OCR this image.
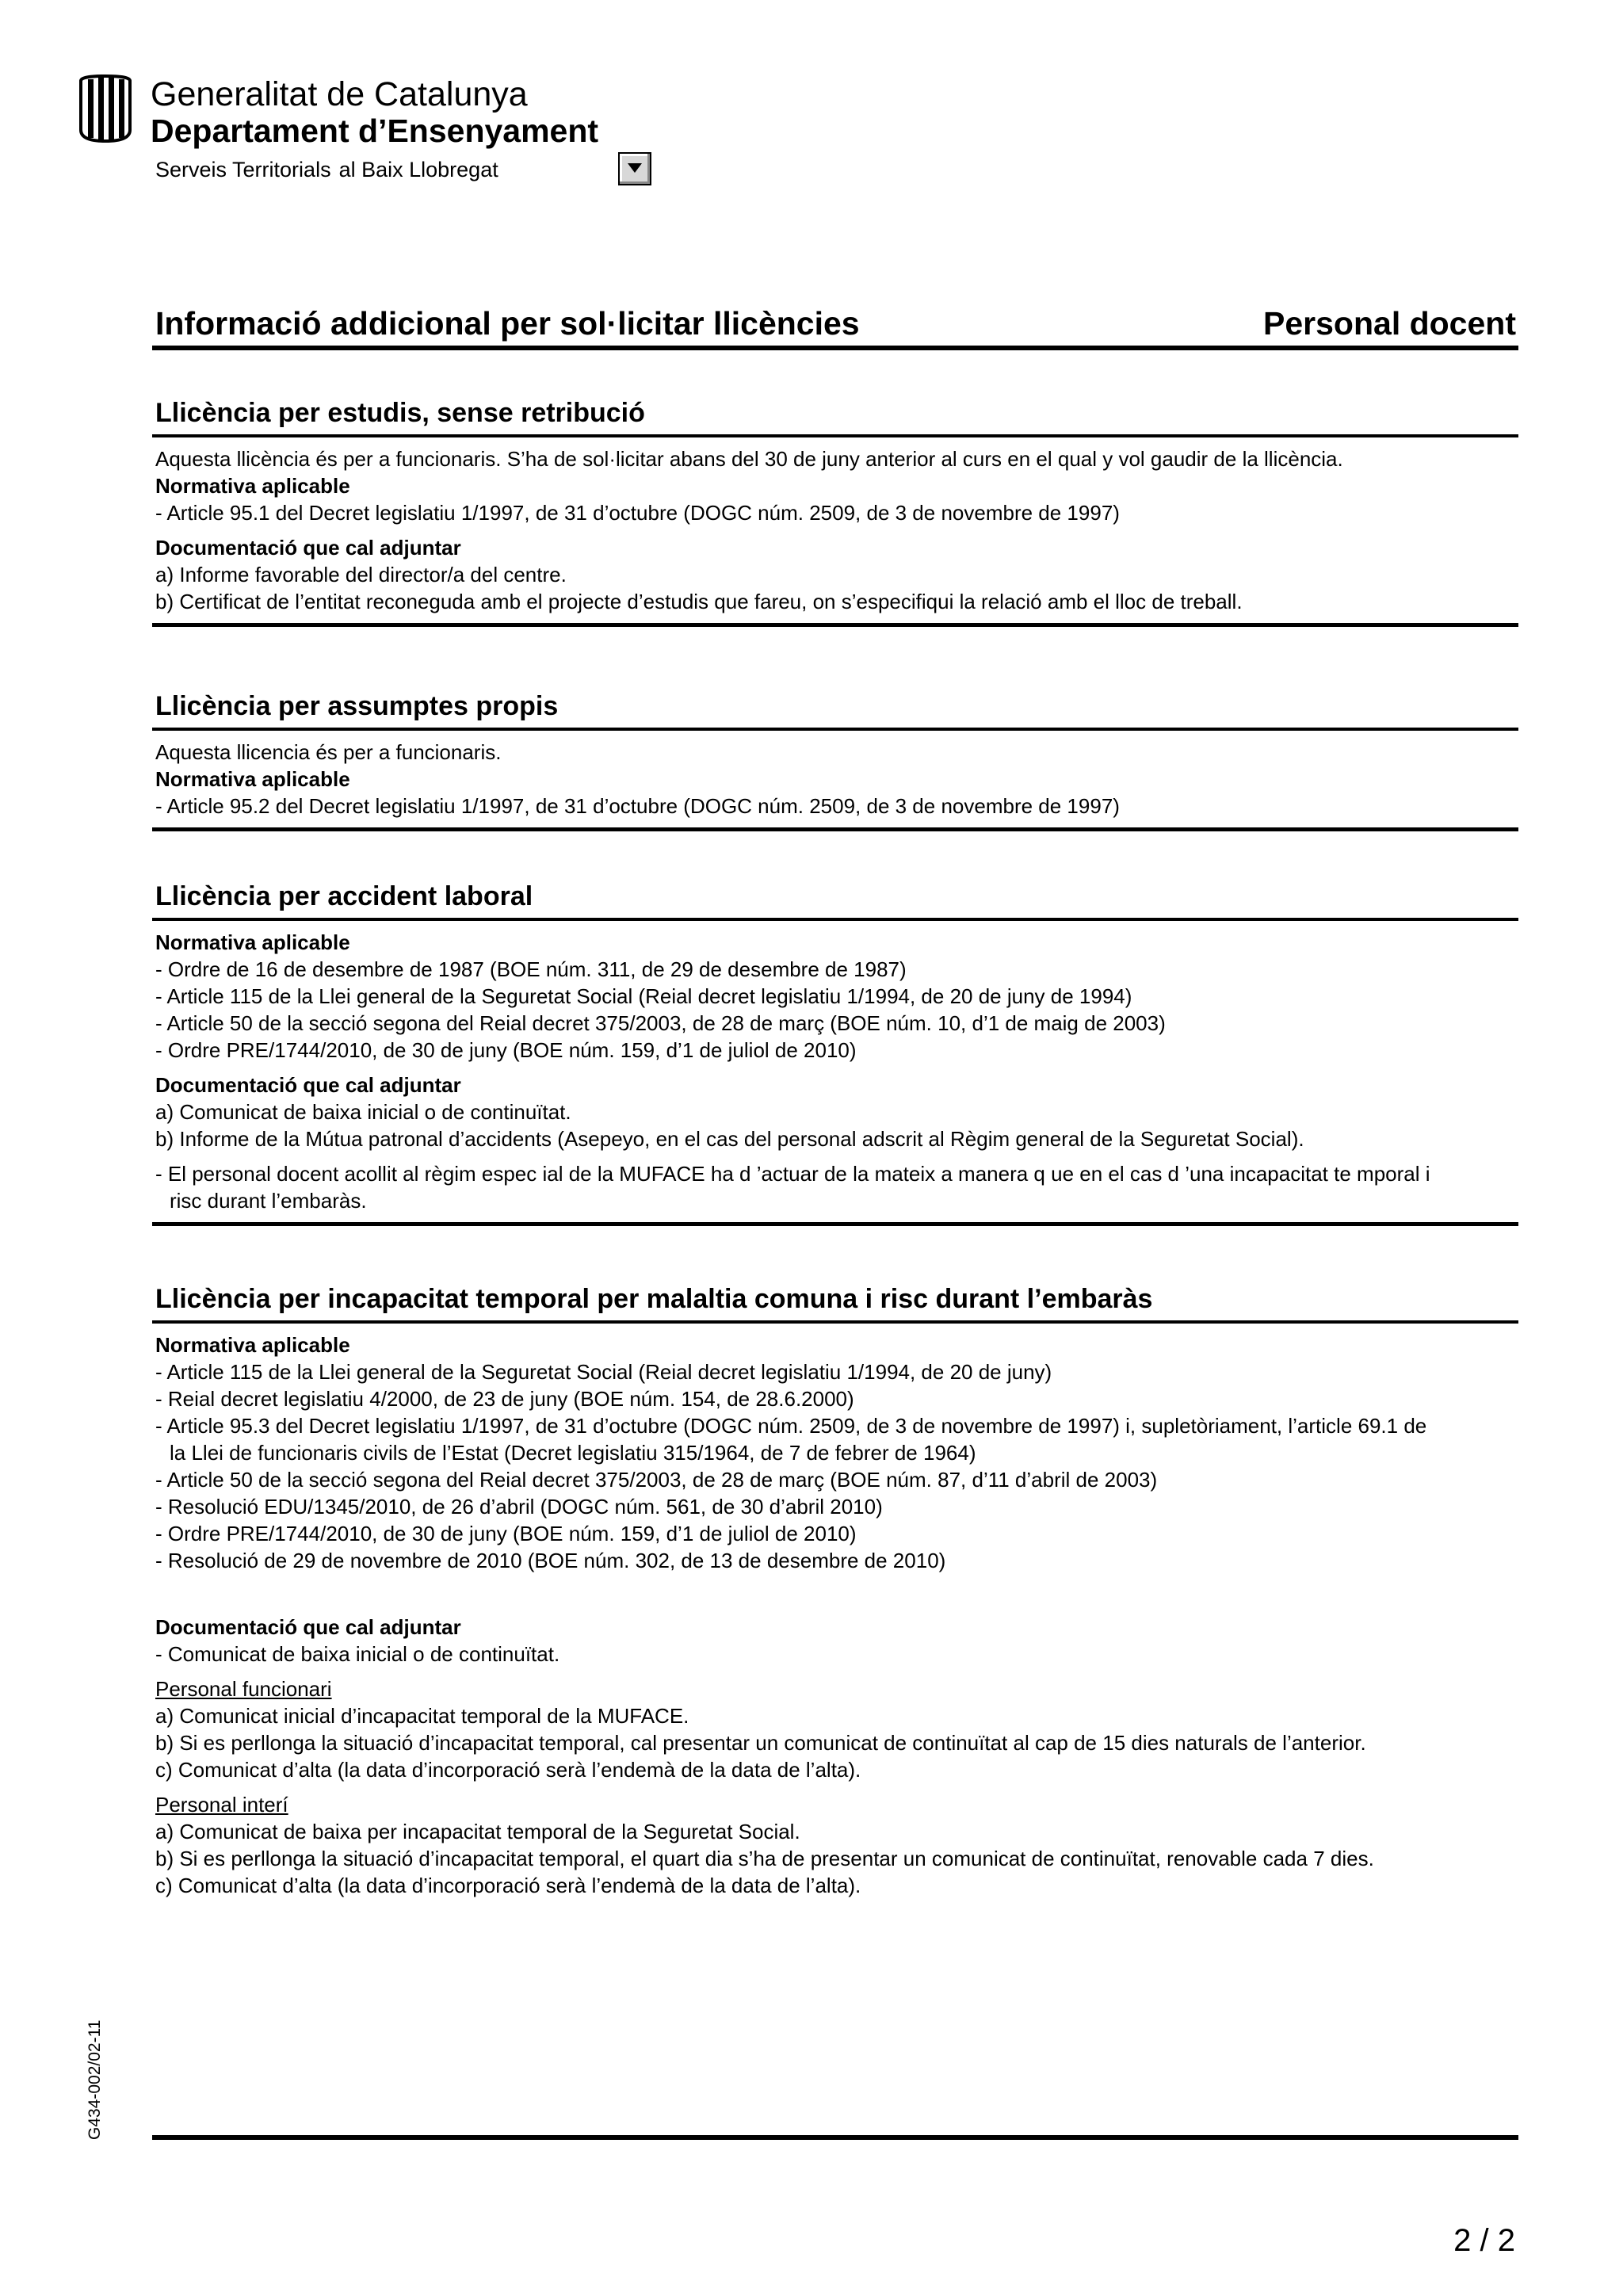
Generalitat de Catalunya
Departament d’Ensenyament
Serveis Territorials al Baix Llobregat
Informació addicional per sol·licitar llicències	Personal docent
Llicència per estudis, sense retribució
Aquesta llicència és per a funcionaris. S’ha de sol·licitar abans del 30 de juny anterior al curs en el qual y vol gaudir de la llicència.
Normativa aplicable
- Article 95.1 del Decret legislatiu 1/1997, de 31 d’octubre (DOGC núm. 2509, de 3 de novembre de 1997)
Documentació que cal adjuntar
a) Informe favorable del director/a del centre.
b) Certificat de l’entitat reconeguda amb el projecte d’estudis que fareu, on s’especifiqui la relació amb el lloc de treball.
Llicència per assumptes propis
Aquesta llicencia és per a funcionaris.
Normativa aplicable
- Article 95.2 del Decret legislatiu 1/1997, de 31 d’octubre (DOGC núm. 2509, de 3 de novembre de 1997)
Llicència per accident laboral
Normativa aplicable
- Ordre de 16 de desembre de 1987 (BOE núm. 311, de 29 de desembre de 1987)
- Article 115 de la Llei general de la Seguretat Social (Reial decret legislatiu 1/1994, de 20 de juny de 1994)
- Article 50 de la secció segona del Reial decret 375/2003, de 28 de març (BOE núm. 10, d’1 de maig de 2003)
- Ordre PRE/1744/2010, de 30 de juny (BOE núm. 159, d’1 de juliol de 2010)
Documentació que cal adjuntar
a) Comunicat de baixa inicial o de continuïtat.
b) Informe de la Mútua patronal d’accidents (Asepeyo, en el cas del personal adscrit al Règim general de la Seguretat Social).
- El personal docent acollit al règim espec ial de la MUFACE ha d ’actuar de la mateix a manera q ue en el cas d ’una incapacitat te mporal i
risc durant l’embaràs.
Llicència per incapacitat temporal per malaltia comuna i risc durant l’embaràs
Normativa aplicable
- Article 115 de la Llei general de la Seguretat Social (Reial decret legislatiu 1/1994, de 20 de juny)
- Reial decret legislatiu 4/2000, de 23 de juny (BOE núm. 154, de 28.6.2000)
- Article 95.3 del Decret legislatiu 1/1997, de 31 d’octubre (DOGC núm. 2509, de 3 de novembre de 1997) i, supletòriament, l’article 69.1 de
la Llei de funcionaris civils de l’Estat (Decret legislatiu 315/1964, de 7 de febrer de 1964)
- Article 50 de la secció segona del Reial decret 375/2003, de 28 de març (BOE núm. 87, d’11 d’abril de 2003)
- Resolució EDU/1345/2010, de 26 d’abril (DOGC núm. 561, de 30 d’abril 2010)
- Ordre PRE/1744/2010, de 30 de juny (BOE núm. 159, d’1 de juliol de 2010)
- Resolució de 29 de novembre de 2010 (BOE núm. 302, de 13 de desembre de 2010)
Documentació que cal adjuntar
- Comunicat de baixa inicial o de continuïtat.
Personal funcionari
a) Comunicat inicial d’incapacitat temporal de la MUFACE.
b) Si es perllonga la situació d’incapacitat temporal, cal presentar un comunicat de continuïtat al cap de 15 dies naturals de l’anterior.
c) Comunicat d’alta (la data d’incorporació serà l’endemà de la data de l’alta).
Personal interí
a) Comunicat de baixa per incapacitat temporal de la Seguretat Social.
b) Si es perllonga la situació d’incapacitat temporal, el quart dia s’ha de presentar un comunicat de continuïtat, renovable cada 7 dies.
c) Comunicat d’alta (la data d’incorporació serà l’endemà de la data de l’alta).
G434-002/02-11
2 / 2
